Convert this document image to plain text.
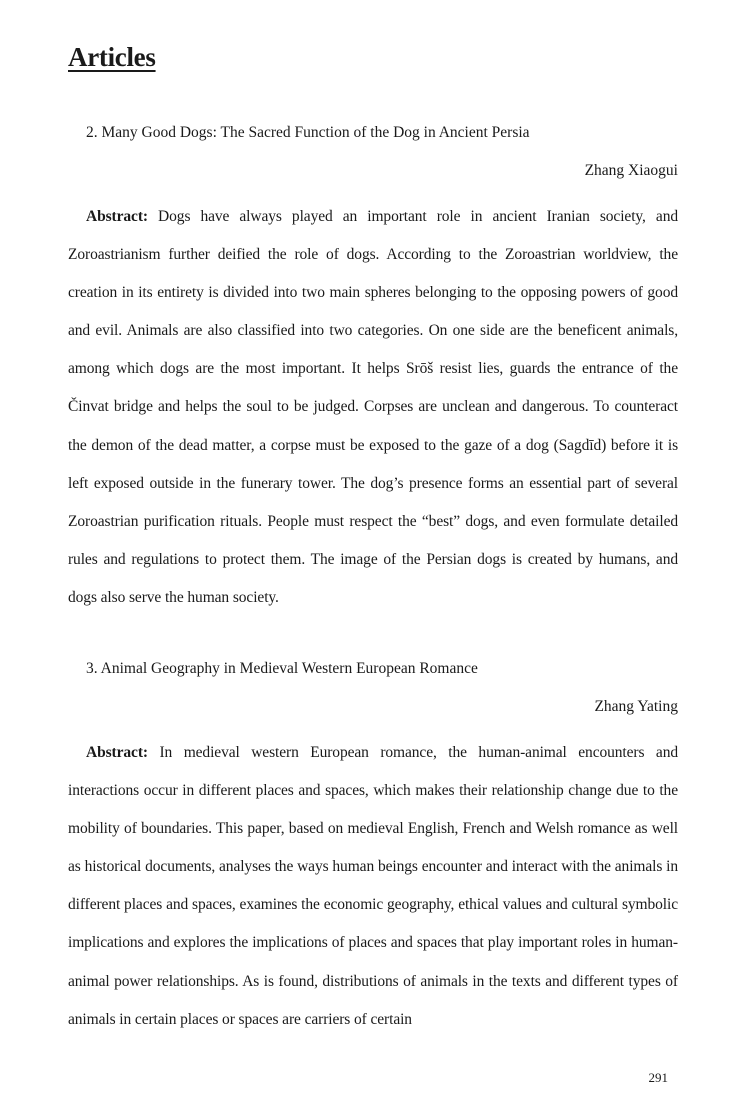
Articles
2. Many Good Dogs: The Sacred Function of the Dog in Ancient Persia

Zhang Xiaogui

Abstract: Dogs have always played an important role in ancient Iranian society, and Zoroastrianism further deified the role of dogs. According to the Zoroastrian worldview, the creation in its entirety is divided into two main spheres belonging to the opposing powers of good and evil. Animals are also classified into two categories. On one side are the beneficent animals, among which dogs are the most important. It helps Srōš resist lies, guards the entrance of the Činvat bridge and helps the soul to be judged. Corpses are unclean and dangerous. To counteract the demon of the dead matter, a corpse must be exposed to the gaze of a dog (Sagdīd) before it is left exposed outside in the funerary tower. The dog’s presence forms an essential part of several Zoroastrian purification rituals. People must respect the “best” dogs, and even formulate detailed rules and regulations to protect them. The image of the Persian dogs is created by humans, and dogs also serve the human society.

3. Animal Geography in Medieval Western European Romance

Zhang Yating

Abstract: In medieval western European romance, the human-animal encounters and interactions occur in different places and spaces, which makes their relationship change due to the mobility of boundaries. This paper, based on medieval English, French and Welsh romance as well as historical documents, analyses the ways human beings encounter and interact with the animals in different places and spaces, examines the economic geography, ethical values and cultural symbolic implications and explores the implications of places and spaces that play important roles in human-animal power relationships. As is found, distributions of animals in the texts and different types of animals in certain places or spaces are carriers of certain

291
